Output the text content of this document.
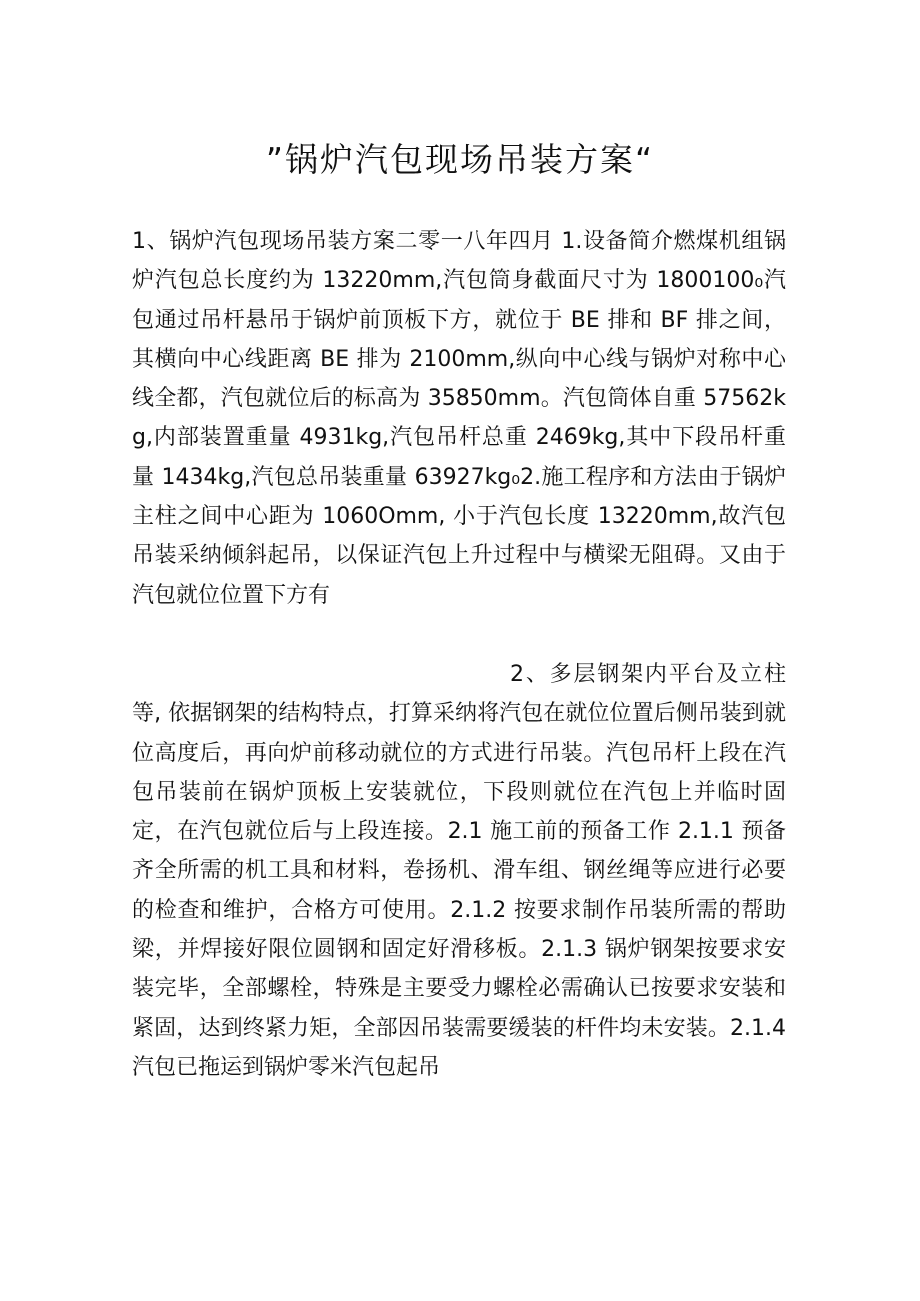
”锅炉汽包现场吊装方案“

1、锅炉汽包现场吊装方案二零一八年四月 1.设备简介燃煤机组锅炉汽包总长度约为 13220mm,汽包筒身截面尺寸为 1800100₀汽包通过吊杆悬吊于锅炉前顶板下方，就位于 BE 排和 BF 排之间，其横向中心线距离 BE 排为 2100mm,纵向中心线与锅炉对称中心线全都，汽包就位后的标高为 35850mm。汽包筒体自重 57562kg,内部装置重量 4931kg,汽包吊杆总重 2469kg,其中下段吊杆重量 1434kg,汽包总吊装重量 63927kg₀2.施工程序和方法由于锅炉主柱之间中心距为 1060Omm, 小于汽包长度 13220mm,故汽包吊装采纳倾斜起吊，以保证汽包上升过程中与横梁无阻碍。又由于汽包就位位置下方有

2、多层钢架内平台及立柱等, 依据钢架的结构特点，打算采纳将汽包在就位位置后侧吊装到就位高度后，再向炉前移动就位的方式进行吊装。汽包吊杆上段在汽包吊装前在锅炉顶板上安装就位，下段则就位在汽包上并临时固定，在汽包就位后与上段连接。2.1 施工前的预备工作 2.1.1 预备齐全所需的机工具和材料，卷扬机、滑车组、钢丝绳等应进行必要的检查和维护，合格方可使用。2.1.2 按要求制作吊装所需的帮助梁，并焊接好限位圆钢和固定好滑移板。2.1.3 锅炉钢架按要求安装完毕，全部螺栓，特殊是主要受力螺栓必需确认已按要求安装和紧固，达到终紧力矩，全部因吊装需要缓装的杆件均未安装。2.1.4 汽包已拖运到锅炉零米汽包起吊
